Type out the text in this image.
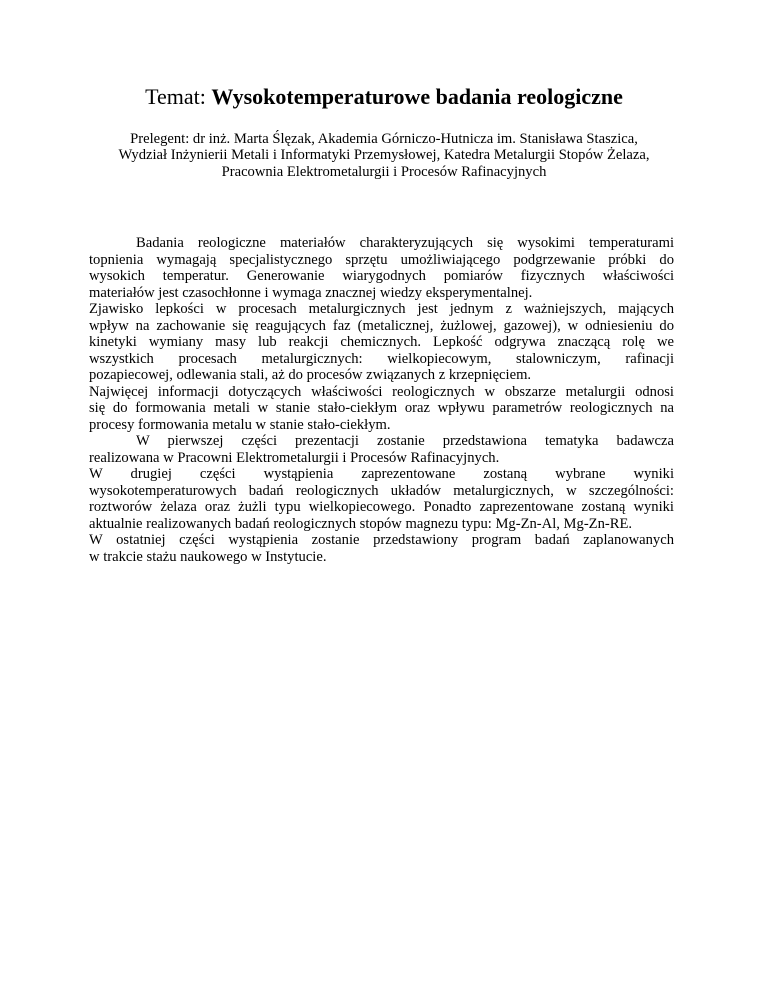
Temat: Wysokotemperaturowe badania reologiczne
Prelegent: dr inż. Marta Ślęzak, Akademia Górniczo-Hutnicza im. Stanisława Staszica,
Wydział Inżynierii Metali i Informatyki Przemysłowej, Katedra Metalurgii Stopów Żelaza,
Pracownia Elektrometalurgii i Procesów Rafinacyjnych
Badania reologiczne materiałów charakteryzujących się wysokimi temperaturami
topnienia wymagają specjalistycznego sprzętu umożliwiającego podgrzewanie próbki do
wysokich temperatur. Generowanie wiarygodnych pomiarów fizycznych właściwości
materiałów jest czasochłonne i wymaga znacznej wiedzy eksperymentalnej.
Zjawisko lepkości w procesach metalurgicznych jest jednym z ważniejszych, mających
wpływ na zachowanie się reagujących faz (metalicznej, żużlowej, gazowej), w odniesieniu do
kinetyki wymiany masy lub reakcji chemicznych. Lepkość odgrywa znaczącą rolę we
wszystkich procesach metalurgicznych: wielkopiecowym, stalowniczym, rafinacji
pozapiecowej, odlewania stali, aż do procesów związanych z krzepnięciem.
Najwięcej informacji dotyczących właściwości reologicznych w obszarze metalurgii odnosi
się do formowania metali w stanie stało-ciekłym oraz wpływu parametrów reologicznych na
procesy formowania metalu w stanie stało-ciekłym.
W pierwszej części prezentacji zostanie przedstawiona tematyka badawcza
realizowana w Pracowni Elektrometalurgii i Procesów Rafinacyjnych.
W drugiej części wystąpienia zaprezentowane zostaną wybrane wyniki
wysokotemperaturowych badań reologicznych układów metalurgicznych, w szczególności:
roztworów żelaza oraz żużli typu wielkopiecowego. Ponadto zaprezentowane zostaną wyniki
aktualnie realizowanych badań reologicznych stopów magnezu typu: Mg-Zn-Al, Mg-Zn-RE.
W ostatniej części wystąpienia zostanie przedstawiony program badań zaplanowanych
w trakcie stażu naukowego w Instytucie.
